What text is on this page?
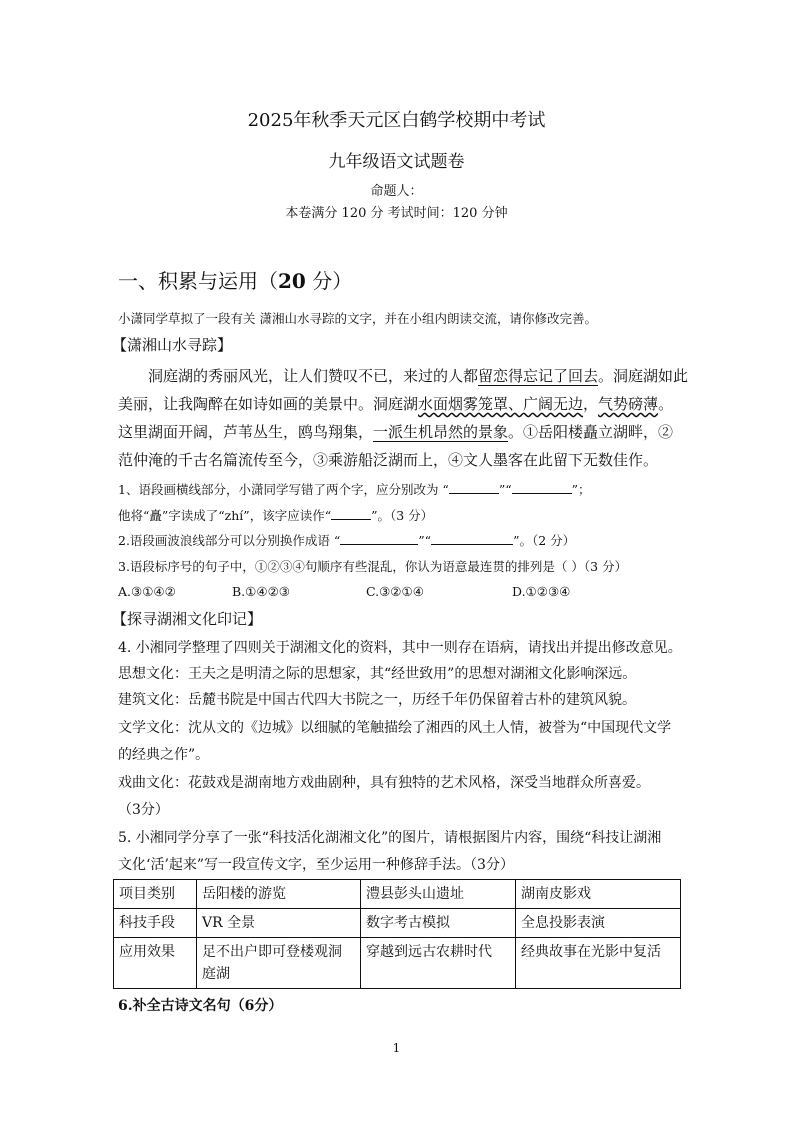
2025年秋季天元区白鹤学校期中考试
九年级语文试题卷
命题人：
本卷满分 120 分 考试时间：120 分钟
一、积累与运用（20 分）
小潇同学草拟了一段有关 潇湘山水寻踪的文字，并在小组内朗读交流，请你修改完善。
【潇湘山水寻踪】
洞庭湖的秀丽风光，让人们赞叹不已，来过的人都留恋得忘记了回去。洞庭湖如此
美丽，让我陶醉在如诗如画的美景中。洞庭湖水面烟雾笼罩、广阔无边，气势磅薄。
这里湖面开阔，芦苇丛生，鸥鸟翔集，一派生机昂然的景象。①岳阳楼矗立湖畔，②
范仲淹的千古名篇流传至今，③乘游船泛湖而上，④文人墨客在此留下无数佳作。
1、语段画横线部分，小潇同学写错了两个字，应分别改为 “	”“	”；
他将“矗”字读成了“zhí”，该字应读作“	”。（3 分）
2.语段画波浪线部分可以分别换作成语 “	”“	”。（2 分）
3.语段标序号的句子中，①②③④句顺序有些混乱，你认为语意最连贯的排列是（ ）（3 分）
A.③①④②	B.①④②③	C.③②①④	D.①②③④
【探寻湖湘文化印记】
4. 小湘同学整理了四则关于湖湘文化的资料，其中一则存在语病，请找出并提出修改意见。
思想文化：王夫之是明清之际的思想家，其“经世致用”的思想对湖湘文化影响深远。
建筑文化：岳麓书院是中国古代四大书院之一，历经千年仍保留着古朴的建筑风貌。
文学文化：沈从文的《边城》以细腻的笔触描绘了湘西的风土人情，被誉为“中国现代文学
的经典之作”。
戏曲文化：花鼓戏是湖南地方戏曲剧种，具有独特的艺术风格，深受当地群众所喜爱。
（3分）
5. 小湘同学分享了一张“科技活化湖湘文化”的图片，请根据图片内容，围绕“科技让湖湘
文化‘活’起来”写一段宣传文字，至少运用一种修辞手法。（3分）
项目类别	岳阳楼的游览	澧县彭头山遗址	湖南皮影戏
科技手段	VR 全景	数字考古模拟	全息投影表演
应用效果	足不出户即可登楼观洞庭湖	穿越到远古农耕时代	经典故事在光影中复活
6.补全古诗文名句（6分）
1
